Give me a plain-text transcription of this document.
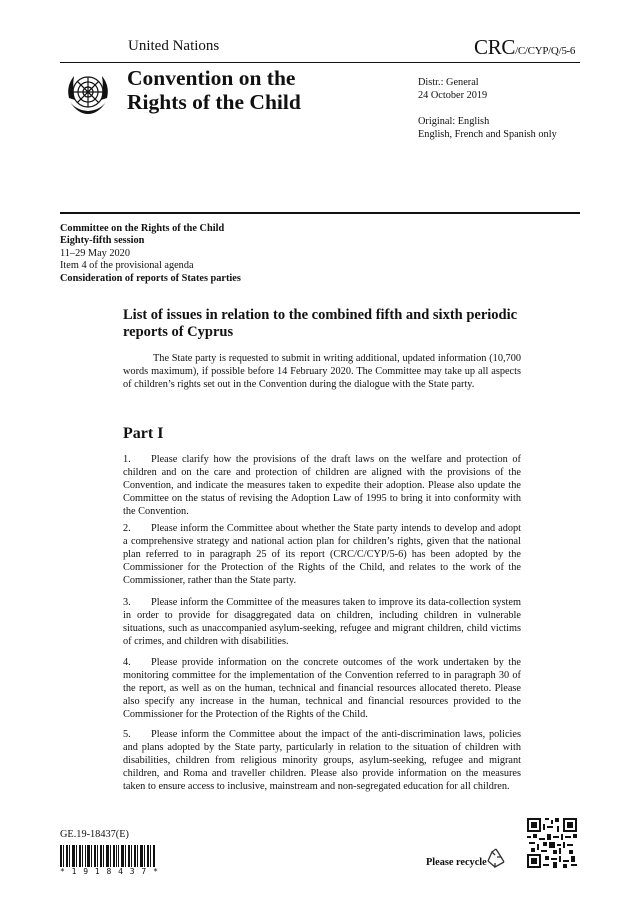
United Nations	CRC/C/CYP/Q/5-6
Convention on the
Rights of the Child
Distr.: General
24 October 2019
Original: English
English, French and Spanish only
Committee on the Rights of the Child
Eighty-fifth session
11–29 May 2020
Item 4 of the provisional agenda
Consideration of reports of States parties
List of issues in relation to the combined fifth and sixth periodic reports of Cyprus
The State party is requested to submit in writing additional, updated information (10,700 words maximum), if possible before 14 February 2020. The Committee may take up all aspects of children’s rights set out in the Convention during the dialogue with the State party.
Part I
1. Please clarify how the provisions of the draft laws on the welfare and protection of children and on the care and protection of children are aligned with the provisions of the Convention, and indicate the measures taken to expedite their adoption. Please also update the Committee on the status of revising the Adoption Law of 1995 to bring it into conformity with the Convention.
2. Please inform the Committee about whether the State party intends to develop and adopt a comprehensive strategy and national action plan for children’s rights, given that the national plan referred to in paragraph 25 of its report (CRC/C/CYP/5-6) has been adopted by the Commissioner for the Protection of the Rights of the Child, and relates to the work of the Commissioner, rather than the State party.
3. Please inform the Committee of the measures taken to improve its data-collection system in order to provide for disaggregated data on children, including children in vulnerable situations, such as unaccompanied asylum-seeking, refugee and migrant children, child victims of crimes, and children with disabilities.
4. Please provide information on the concrete outcomes of the work undertaken by the monitoring committee for the implementation of the Convention referred to in paragraph 30 of the report, as well as on the human, technical and financial resources allocated thereto. Please also specify any increase in the human, technical and financial resources provided to the Commissioner for the Protection of the Rights of the Child.
5. Please inform the Committee about the impact of the anti-discrimination laws, policies and plans adopted by the State party, particularly in relation to the situation of children with disabilities, children from religious minority groups, asylum-seeking, refugee and migrant children, and Roma and traveller children. Please also provide information on the measures taken to ensure access to inclusive, mainstream and non-segregated education for all children.
GE.19-18437(E)
* 1 9 1 8 4 3 7 *
Please recycle
